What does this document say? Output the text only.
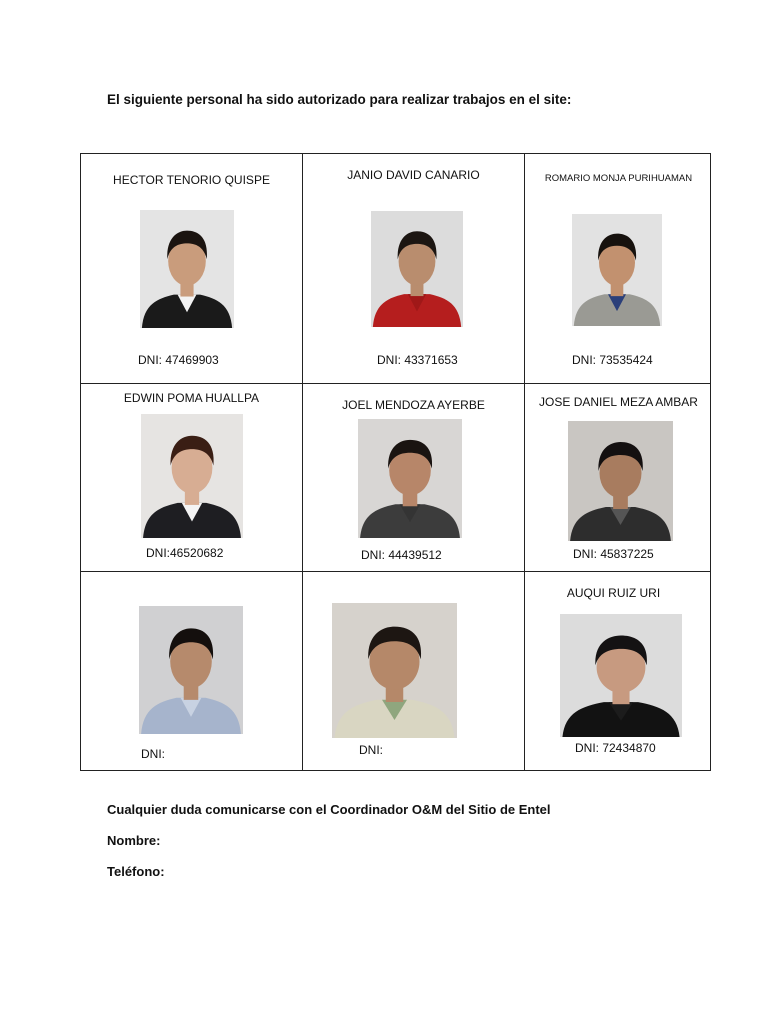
El siguiente personal ha sido autorizado para realizar trabajos en el site:

HECTOR TENORIO QUISPE
DNI: 47469903
JANIO DAVID CANARIO
DNI: 43371653
ROMARIO MONJA PURIHUAMAN
DNI: 73535424
EDWIN POMA HUALLPA
DNI:46520682
JOEL MENDOZA AYERBE
DNI: 44439512
JOSE DANIEL MEZA AMBAR
DNI: 45837225
DNI:	DNI:
AUQUI RUIZ URI
DNI: 72434870

Cualquier duda comunicarse con el Coordinador O&M del Sitio de Entel

Nombre:

Teléfono:
